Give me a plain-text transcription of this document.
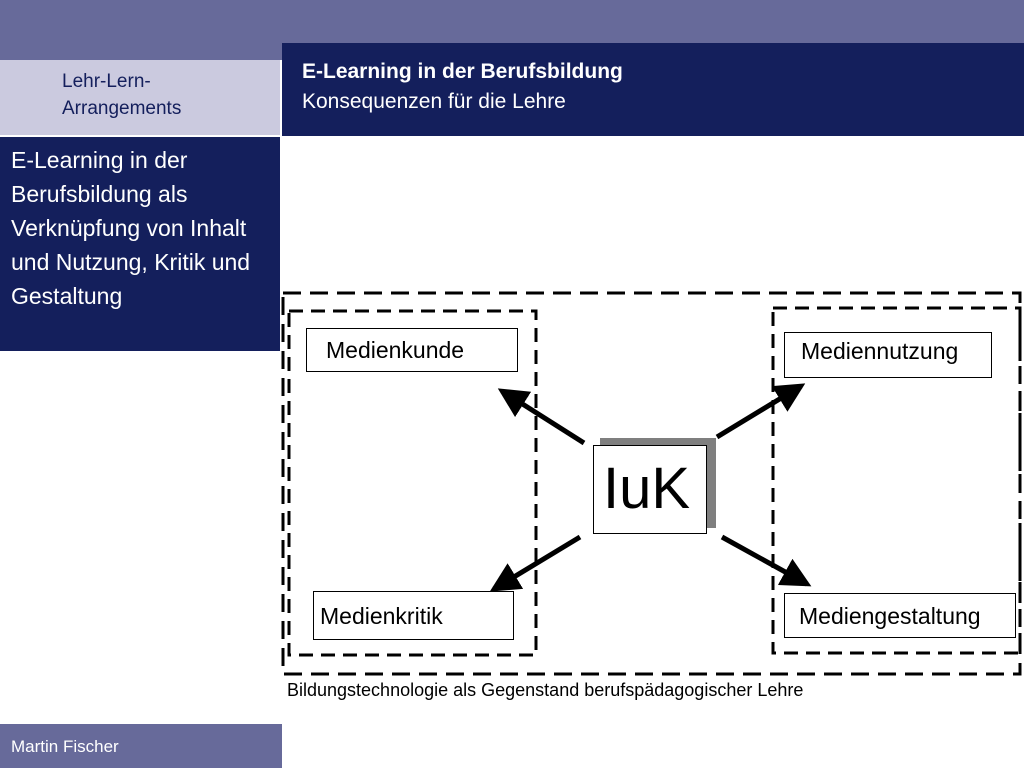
E-Learning in der Berufsbildung
Konsequenzen für die Lehre
Lehr-Lern-
Arrangements
E-Learning in der Berufsbildung als Verknüpfung von Inhalt und Nutzung, Kritik und Gestaltung
Martin Fischer
Medienkunde	Mediennutzung
Medienkritik	Mediengestaltung
IuK
Bildungstechnologie als Gegenstand berufspädagogischer Lehre
